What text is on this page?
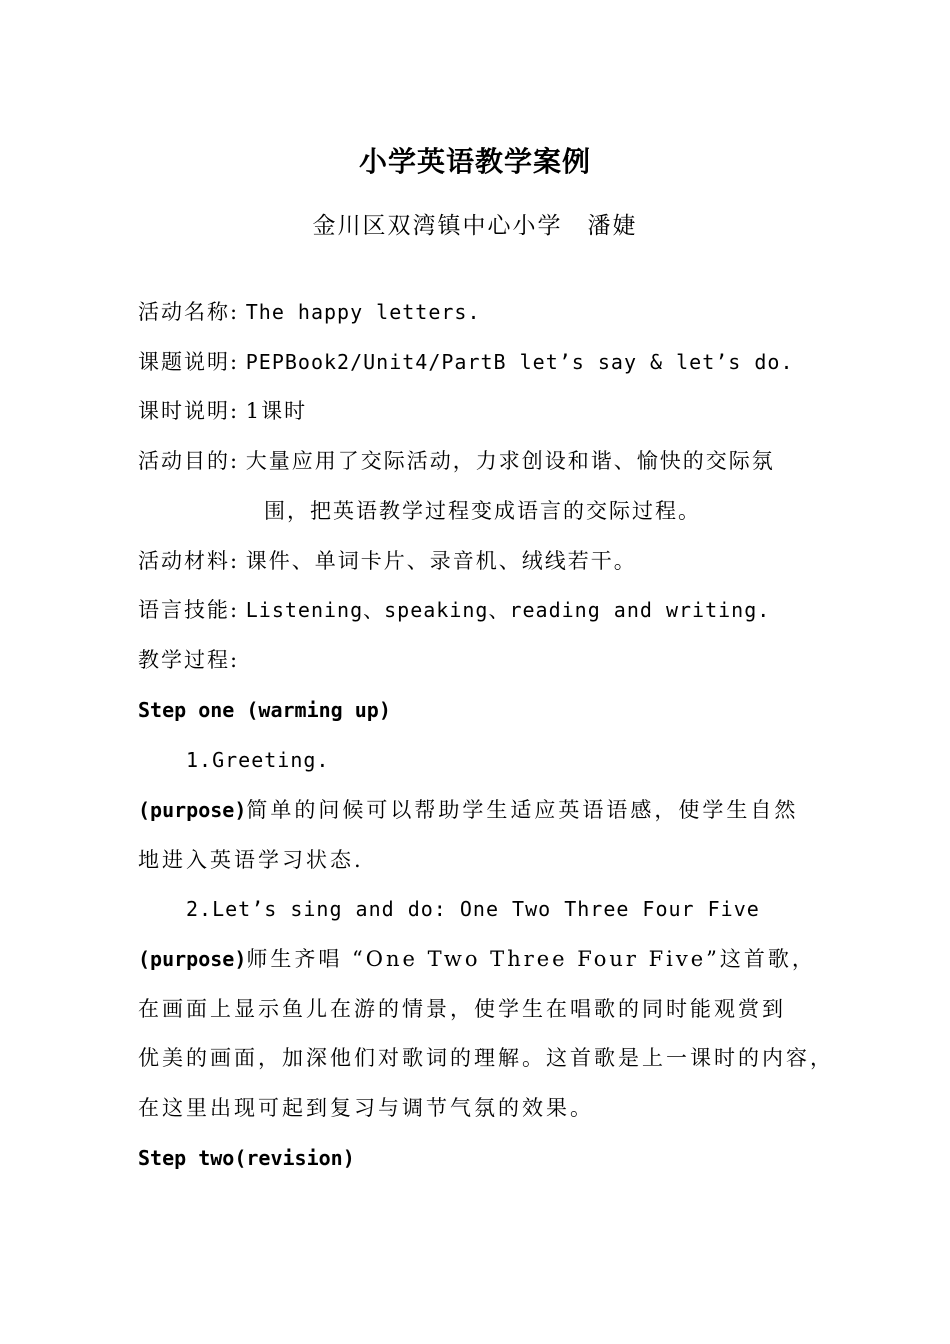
小学英语教学案例
金川区双湾镇中心小学　潘婕
活动名称: The happy letters.
课题说明: PEPBook2/Unit4/PartB let’s say & let’s do.
课时说明: 1课时
活动目的: 大量应用了交际活动，力求创设和谐、愉快的交际氛
围，把英语教学过程变成语言的交际过程。
活动材料: 课件、单词卡片、录音机、绒线若干。
语言技能: Listening、speaking、reading and writing.
教学过程:
Step one (warming up)
1.Greeting.
(purpose)简单的问候可以帮助学生适应英语语感，使学生自然
地进入英语学习状态.
2.Let’s sing and do: One Two Three Four Five
(purpose)师生齐唱 “One Two Three Four Five”这首歌，
在画面上显示鱼儿在游的情景，使学生在唱歌的同时能观赏到
优美的画面，加深他们对歌词的理解。这首歌是上一课时的内容，
在这里出现可起到复习与调节气氛的效果。
Step two(revision)
